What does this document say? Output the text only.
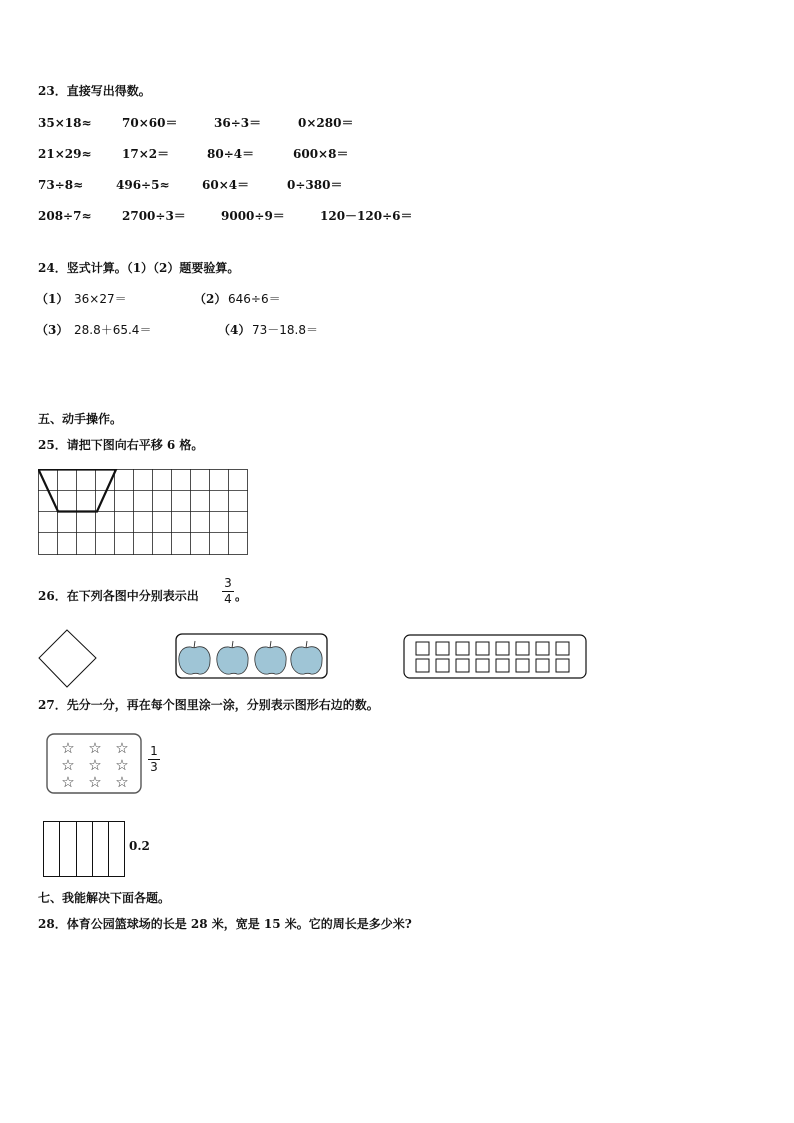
23．直接写出得数。
35×18≈	70×60＝	36÷3＝	0×280＝
21×29≈	17×2＝	80÷4＝	600×8＝
73÷8≈	496÷5≈	60×4＝	0÷380＝
208÷7≈	2700÷3＝	9000÷9＝	120－120÷6＝
24．竖式计算。（1）（2）题要验算。
（1） 36×27＝	（2） 646÷6＝
（3） 28.8＋65.4＝	（4） 73－18.8＝
五、动手操作。
25．请把下图向右平移 6 格。
26．在下列各图中分别表示出
3
4 。
27．先分一分，再在每个图里涂一涂，分别表示图形右边的数。
☆ ☆ ☆
☆ ☆ ☆
☆ ☆ ☆
1
3
0.2
七、我能解决下面各题。
28．体育公园篮球场的长是 28 米，宽是 15 米。它的周长是多少米?
